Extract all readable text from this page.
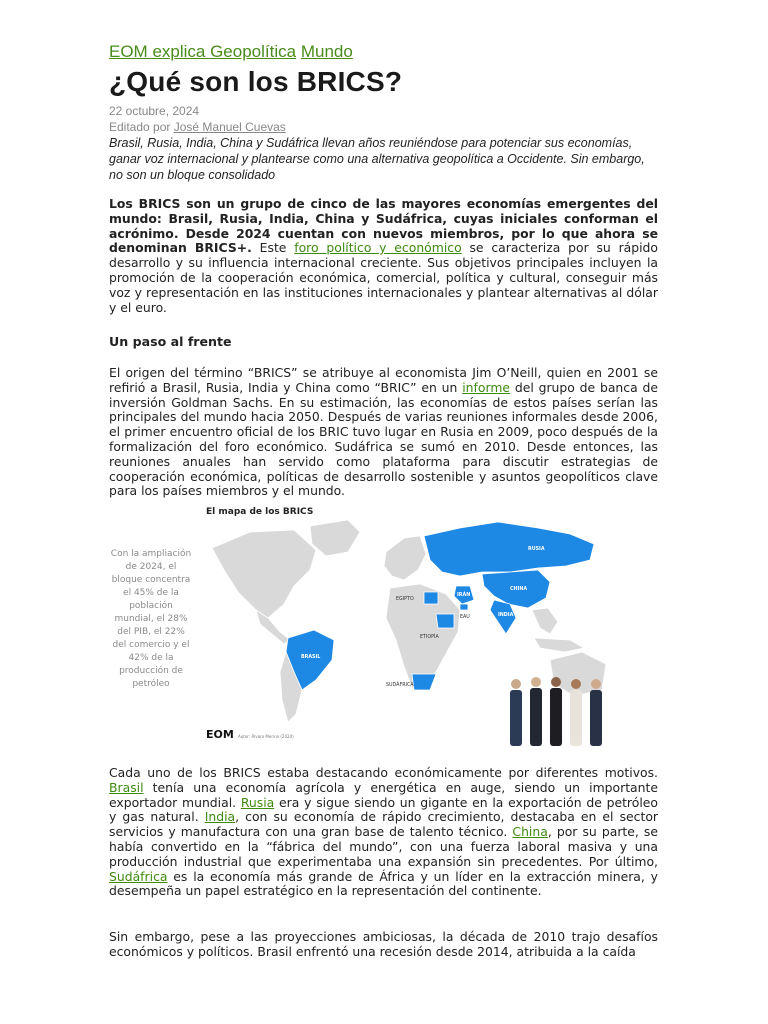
EOM explica Geopolítica Mundo
¿Qué son los BRICS?
22 octubre, 2024
Editado por José Manuel Cuevas
Brasil, Rusia, India, China y Sudáfrica llevan años reuniéndose para potenciar sus economías, ganar voz internacional y plantearse como una alternativa geopolítica a Occidente. Sin embargo, no son un bloque consolidado
Los BRICS son un grupo de cinco de las mayores economías emergentes del mundo: Brasil, Rusia, India, China y Sudáfrica, cuyas iniciales conforman el acrónimo. Desde 2024 cuentan con nuevos miembros, por lo que ahora se denominan BRICS+. Este foro político y económico se caracteriza por su rápido desarrollo y su influencia internacional creciente. Sus objetivos principales incluyen la promoción de la cooperación económica, comercial, política y cultural, conseguir más voz y representación en las instituciones internacionales y plantear alternativas al dólar y el euro.
Un paso al frente
El origen del término “BRICS” se atribuye al economista Jim O’Neill, quien en 2001 se refirió a Brasil, Rusia, India y China como “BRIC” en un informe del grupo de banca de inversión Goldman Sachs. En su estimación, las economías de estos países serían las principales del mundo hacia 2050. Después de varias reuniones informales desde 2006, el primer encuentro oficial de los BRIC tuvo lugar en Rusia en 2009, poco después de la formalización del foro económico. Sudáfrica se sumó en 2010. Desde entonces, las reuniones anuales han servido como plataforma para discutir estrategias de cooperación económica, políticas de desarrollo sostenible y asuntos geopolíticos clave para los países miembros y el mundo.
Con la ampliación de 2024, el bloque concentra el 45% de la población mundial, el 28% del PIB, el 22% del comercio y el 42% de la producción de petróleo
El mapa de los BRICS
RUSIA
CHINA
INDIA
IRÁN
BRASIL
EAU
EGIPTO
ETIOPÍA
SUDÁFRICA
EOM Autor: Álvaro Merino (2024)
Cada uno de los BRICS estaba destacando económicamente por diferentes motivos. Brasil tenía una economía agrícola y energética en auge, siendo un importante exportador mundial. Rusia era y sigue siendo un gigante en la exportación de petróleo y gas natural. India, con su economía de rápido crecimiento, destacaba en el sector servicios y manufactura con una gran base de talento técnico. China, por su parte, se había convertido en la “fábrica del mundo”, con una fuerza laboral masiva y una producción industrial que experimentaba una expansión sin precedentes. Por último, Sudáfrica es la economía más grande de África y un líder en la extracción minera, y desempeña un papel estratégico en la representación del continente.
Sin embargo, pese a las proyecciones ambiciosas, la década de 2010 trajo desafíos económicos y políticos. Brasil enfrentó una recesión desde 2014, atribuida a la caída
